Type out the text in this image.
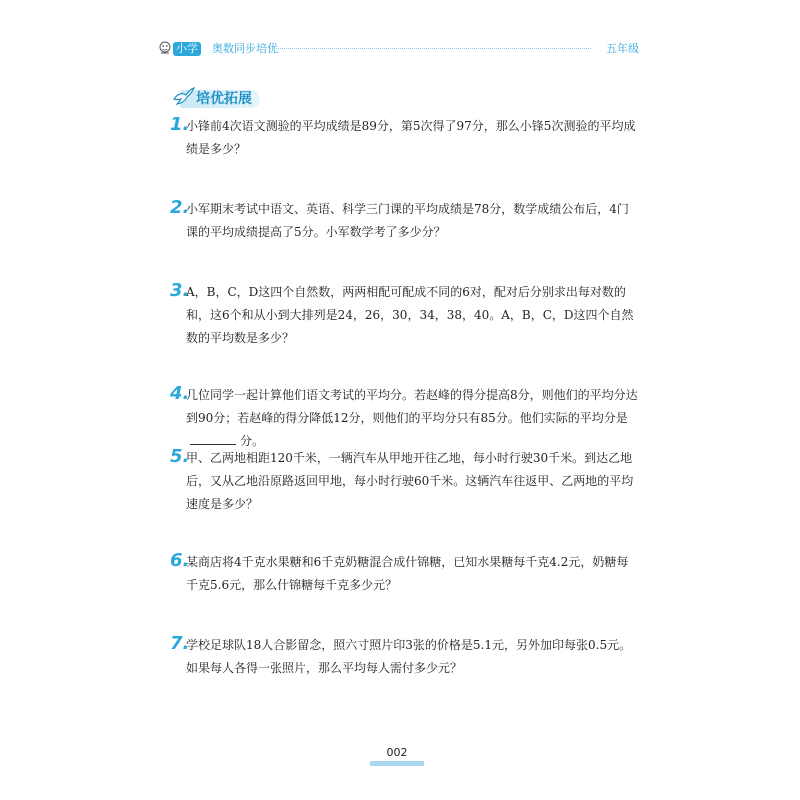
小学 奥数同步培优	五年级
培优拓展
1.
小锋前4次语文测验的平均成绩是89分，第5次得了97分，那么小锋5次测验的平均成绩是多少？
2.
小军期末考试中语文、英语、科学三门课的平均成绩是78分，数学成绩公布后，4门课的平均成绩提高了5分。小军数学考了多少分？
3.
A，B，C，D这四个自然数，两两相配可配成不同的6对，配对后分别求出每对数的和，这6个和从小到大排列是24，26，30，34，38，40。A，B，C，D这四个自然数的平均数是多少？
4.
几位同学一起计算他们语文考试的平均分。若赵峰的得分提高8分，则他们的平均分达到90分；若赵峰的得分降低12分，则他们的平均分只有85分。他们实际的平均分是分。
5.
甲、乙两地相距120千米，一辆汽车从甲地开往乙地，每小时行驶30千米。到达乙地后，又从乙地沿原路返回甲地，每小时行驶60千米。这辆汽车往返甲、乙两地的平均速度是多少？
6.
某商店将4千克水果糖和6千克奶糖混合成什锦糖，已知水果糖每千克4.2元，奶糖每千克5.6元，那么什锦糖每千克多少元？
7.
学校足球队18人合影留念，照六寸照片印3张的价格是5.1元，另外加印每张0.5元。如果每人各得一张照片，那么平均每人需付多少元？
002
